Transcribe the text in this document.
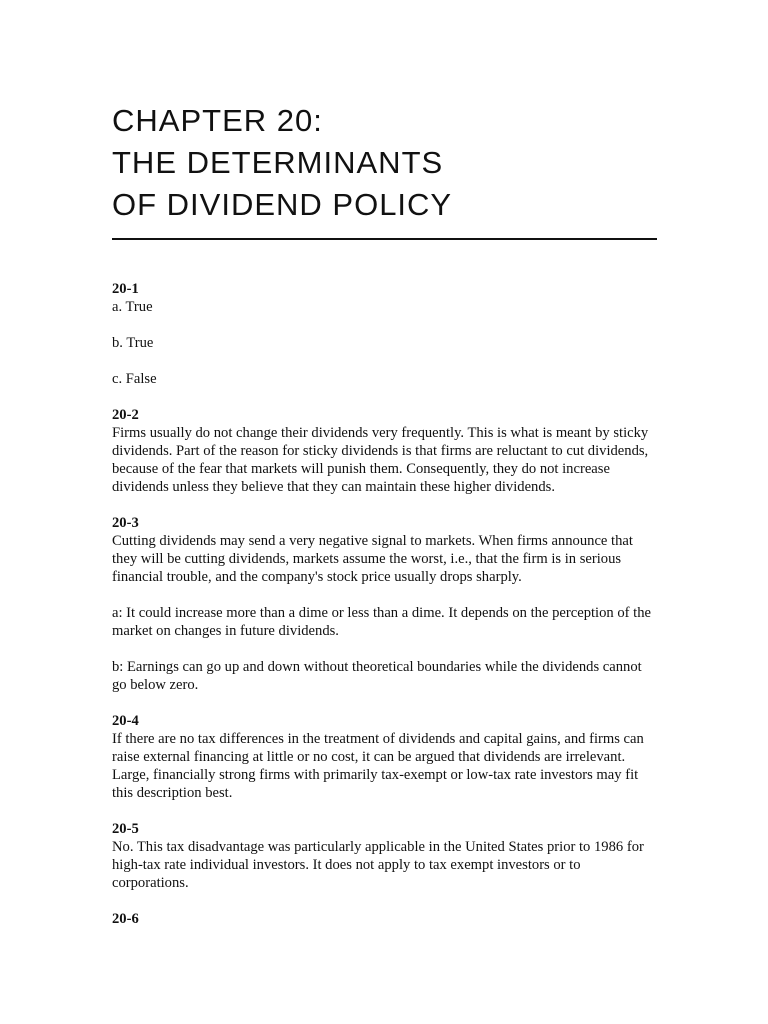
CHAPTER 20:
THE DETERMINANTS
OF DIVIDEND POLICY

20-1

a. True

b. True

c. False

20-2

Firms usually do not change their dividends very frequently. This is what is meant by sticky dividends. Part of the reason for sticky dividends is that firms are reluctant to cut dividends, because of the fear that markets will punish them. Consequently, they do not increase dividends unless they believe that they can maintain these higher dividends.

20-3

Cutting dividends may send a very negative signal to markets. When firms announce that they will be cutting dividends, markets assume the worst, i.e., that the firm is in serious financial trouble, and the company's stock price usually drops sharply.

a: It could increase more than a dime or less than a dime. It depends on the perception of the market on changes in future dividends.

b: Earnings can go up and down without theoretical boundaries while the dividends cannot go below zero.

20-4

If there are no tax differences in the treatment of dividends and capital gains, and firms can raise external financing at little or no cost, it can be argued that dividends are irrelevant. Large, financially strong firms with primarily tax-exempt or low-tax rate investors may fit this description best.

20-5

No. This tax disadvantage was particularly applicable in the United States prior to 1986 for high-tax rate individual investors. It does not apply to tax exempt investors or to corporations.

20-6
